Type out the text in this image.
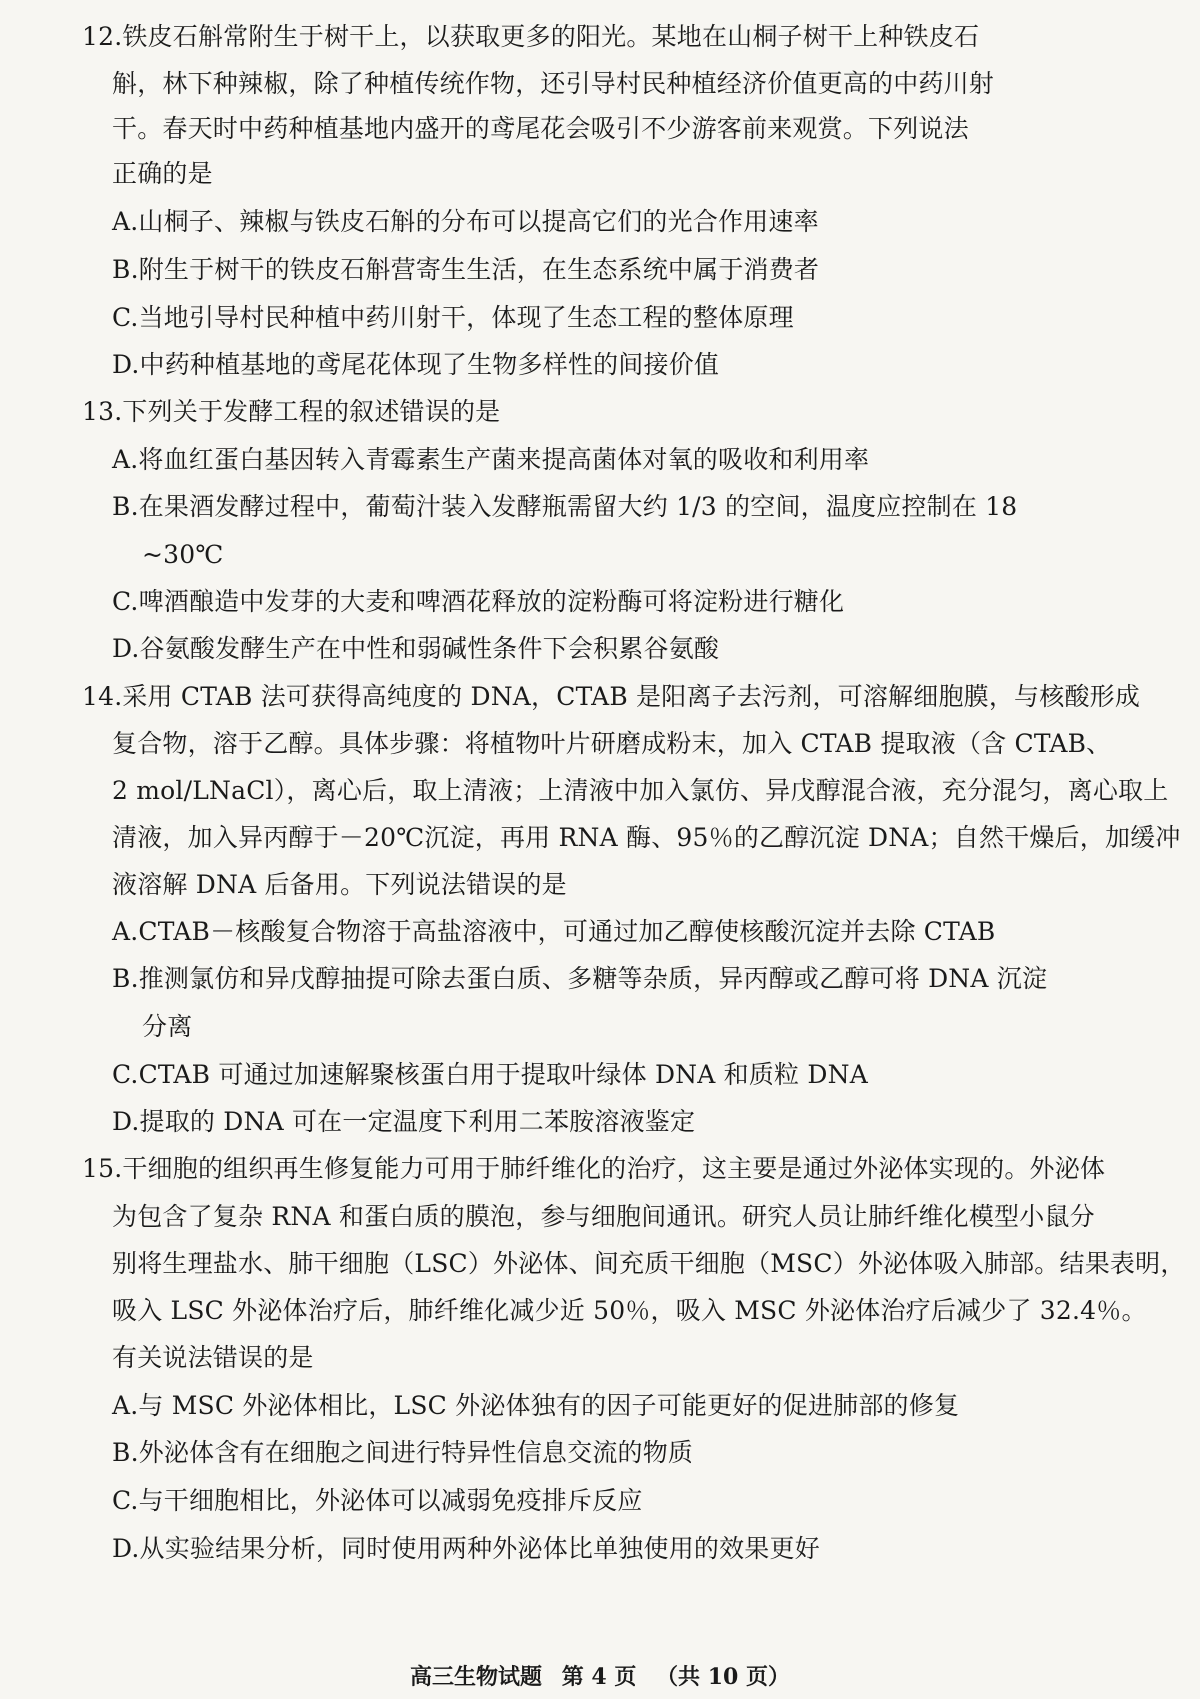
12.铁皮石斛常附生于树干上，以获取更多的阳光。某地在山桐子树干上种铁皮石
斛，林下种辣椒，除了种植传统作物，还引导村民种植经济价值更高的中药川射
干。春天时中药种植基地内盛开的鸢尾花会吸引不少游客前来观赏。下列说法
正确的是
A.山桐子、辣椒与铁皮石斛的分布可以提高它们的光合作用速率
B.附生于树干的铁皮石斛营寄生生活，在生态系统中属于消费者
C.当地引导村民种植中药川射干，体现了生态工程的整体原理
D.中药种植基地的鸢尾花体现了生物多样性的间接价值
13.下列关于发酵工程的叙述错误的是
A.将血红蛋白基因转入青霉素生产菌来提高菌体对氧的吸收和利用率
B.在果酒发酵过程中，葡萄汁装入发酵瓶需留大约 1/3 的空间，温度应控制在 18
~30℃
C.啤酒酿造中发芽的大麦和啤酒花释放的淀粉酶可将淀粉进行糖化
D.谷氨酸发酵生产在中性和弱碱性条件下会积累谷氨酸
14.采用 CTAB 法可获得高纯度的 DNA，CTAB 是阳离子去污剂，可溶解细胞膜，与核酸形成
复合物，溶于乙醇。具体步骤：将植物叶片研磨成粉末，加入 CTAB 提取液（含 CTAB、
2 mol/LNaCl），离心后，取上清液；上清液中加入氯仿、异戊醇混合液，充分混匀，离心取上
清液，加入异丙醇于－20℃沉淀，再用 RNA 酶、95％的乙醇沉淀 DNA；自然干燥后，加缓冲
液溶解 DNA 后备用。下列说法错误的是
A.CTAB－核酸复合物溶于高盐溶液中，可通过加乙醇使核酸沉淀并去除 CTAB
B.推测氯仿和异戊醇抽提可除去蛋白质、多糖等杂质，异丙醇或乙醇可将 DNA 沉淀
分离
C.CTAB 可通过加速解聚核蛋白用于提取叶绿体 DNA 和质粒 DNA
D.提取的 DNA 可在一定温度下利用二苯胺溶液鉴定
15.干细胞的组织再生修复能力可用于肺纤维化的治疗，这主要是通过外泌体实现的。外泌体
为包含了复杂 RNA 和蛋白质的膜泡，参与细胞间通讯。研究人员让肺纤维化模型小鼠分
别将生理盐水、肺干细胞（LSC）外泌体、间充质干细胞（MSC）外泌体吸入肺部。结果表明，
吸入 LSC 外泌体治疗后，肺纤维化减少近 50％，吸入 MSC 外泌体治疗后减少了 32.4％。
有关说法错误的是
A.与 MSC 外泌体相比，LSC 外泌体独有的因子可能更好的促进肺部的修复
B.外泌体含有在细胞之间进行特异性信息交流的物质
C.与干细胞相比，外泌体可以减弱免疫排斥反应
D.从实验结果分析，同时使用两种外泌体比单独使用的效果更好
高三生物试题 第 4 页 （共 10 页）
